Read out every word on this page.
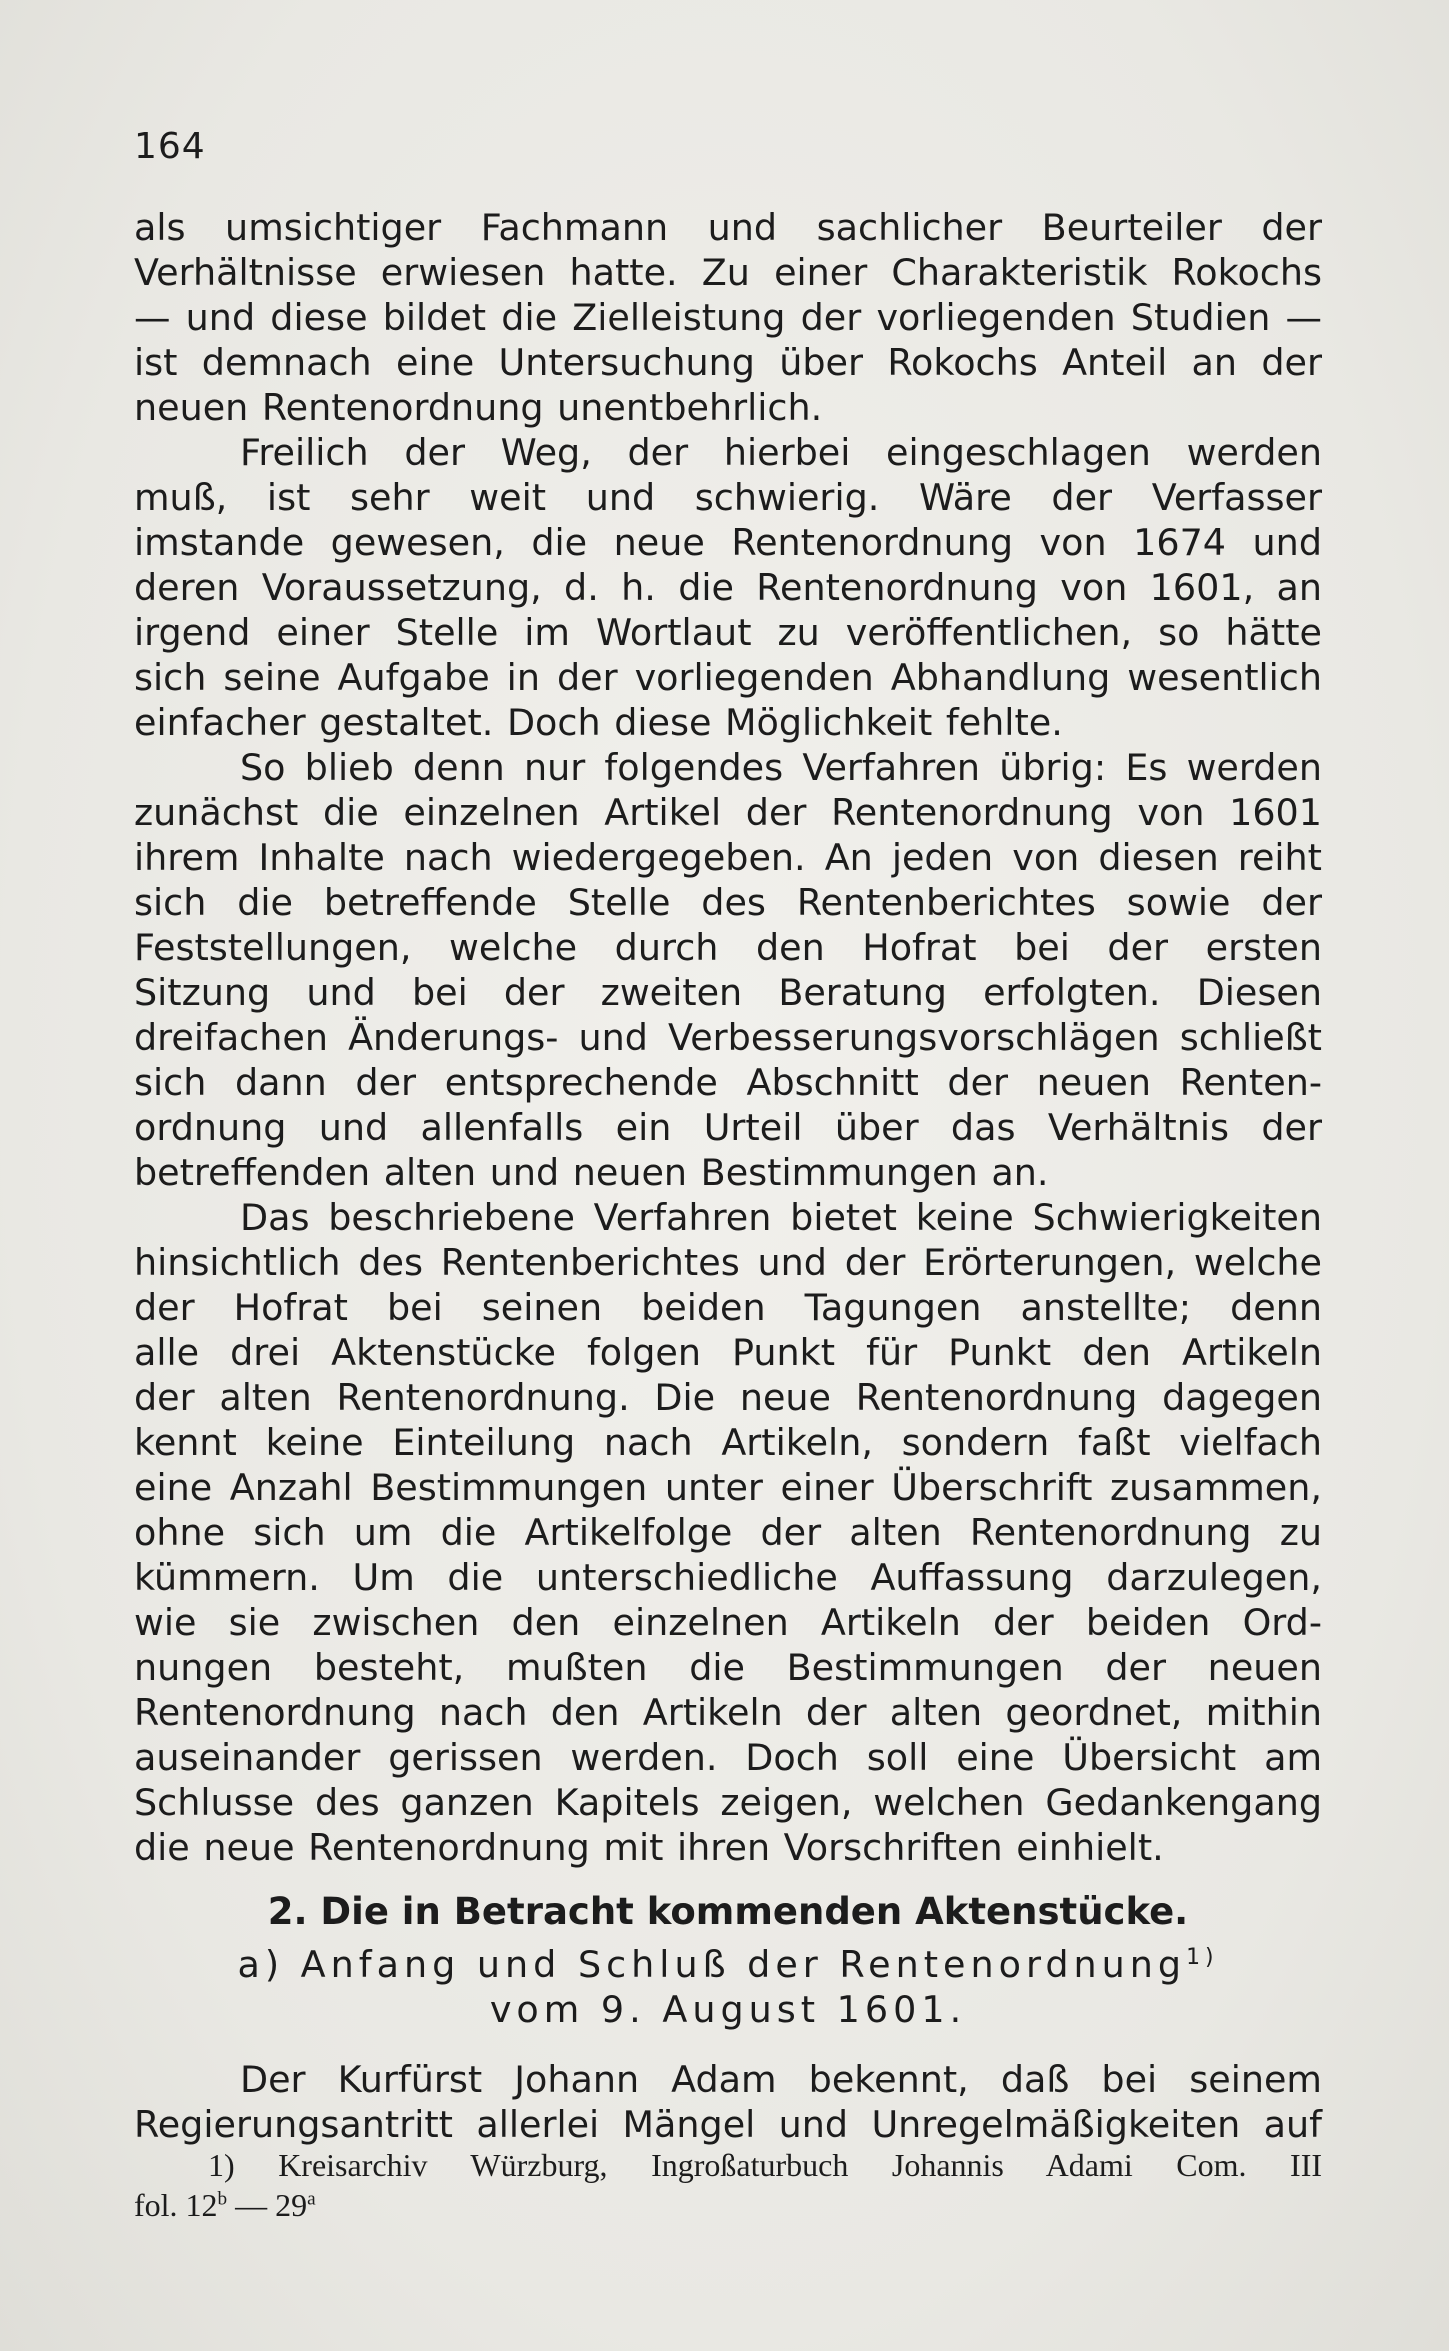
164
als umsichtiger Fachmann und sachlicher Beurteiler der
Verhältnisse erwiesen hatte. Zu einer Charakteristik Rokochs
— und diese bildet die Zielleistung der vorliegenden Studien —
ist demnach eine Untersuchung über Rokochs Anteil an der
neuen Rentenordnung unentbehrlich.
Freilich der Weg, der hierbei eingeschlagen werden
muß, ist sehr weit und schwierig. Wäre der Verfasser
imstande gewesen, die neue Rentenordnung von 1674 und
deren Voraussetzung, d. h. die Rentenordnung von 1601, an
irgend einer Stelle im Wortlaut zu veröffentlichen, so hätte
sich seine Aufgabe in der vorliegenden Abhandlung wesentlich
einfacher gestaltet. Doch diese Möglichkeit fehlte.
So blieb denn nur folgendes Verfahren übrig: Es werden
zunächst die einzelnen Artikel der Rentenordnung von 1601
ihrem Inhalte nach wiedergegeben. An jeden von diesen reiht
sich die betreffende Stelle des Rentenberichtes sowie der
Feststellungen, welche durch den Hofrat bei der ersten
Sitzung und bei der zweiten Beratung erfolgten. Diesen
dreifachen Änderungs- und Verbesserungsvorschlägen schließt
sich dann der entsprechende Abschnitt der neuen Renten-
ordnung und allenfalls ein Urteil über das Verhältnis der
betreffenden alten und neuen Bestimmungen an.
Das beschriebene Verfahren bietet keine Schwierigkeiten
hinsichtlich des Rentenberichtes und der Erörterungen, welche
der Hofrat bei seinen beiden Tagungen anstellte; denn
alle drei Aktenstücke folgen Punkt für Punkt den Artikeln
der alten Rentenordnung. Die neue Rentenordnung dagegen
kennt keine Einteilung nach Artikeln, sondern faßt vielfach
eine Anzahl Bestimmungen unter einer Überschrift zusammen,
ohne sich um die Artikelfolge der alten Rentenordnung zu
kümmern. Um die unterschiedliche Auffassung darzulegen,
wie sie zwischen den einzelnen Artikeln der beiden Ord-
nungen besteht, mußten die Bestimmungen der neuen
Rentenordnung nach den Artikeln der alten geordnet, mithin
auseinander gerissen werden. Doch soll eine Übersicht am
Schlusse des ganzen Kapitels zeigen, welchen Gedankengang
die neue Rentenordnung mit ihren Vorschriften einhielt.
2. Die in Betracht kommenden Aktenstücke.
a) Anfang und Schluß der Rentenordnung$^{1)}$
vom 9. August 1601.
Der Kurfürst Johann Adam bekennt, daß bei seinem
Regierungsantritt allerlei Mängel und Unregelmäßigkeiten auf
1) Kreisarchiv Würzburg, Ingroßaturbuch Johannis Adami Com. III
fol. 12$^b$ — 29$^a$
